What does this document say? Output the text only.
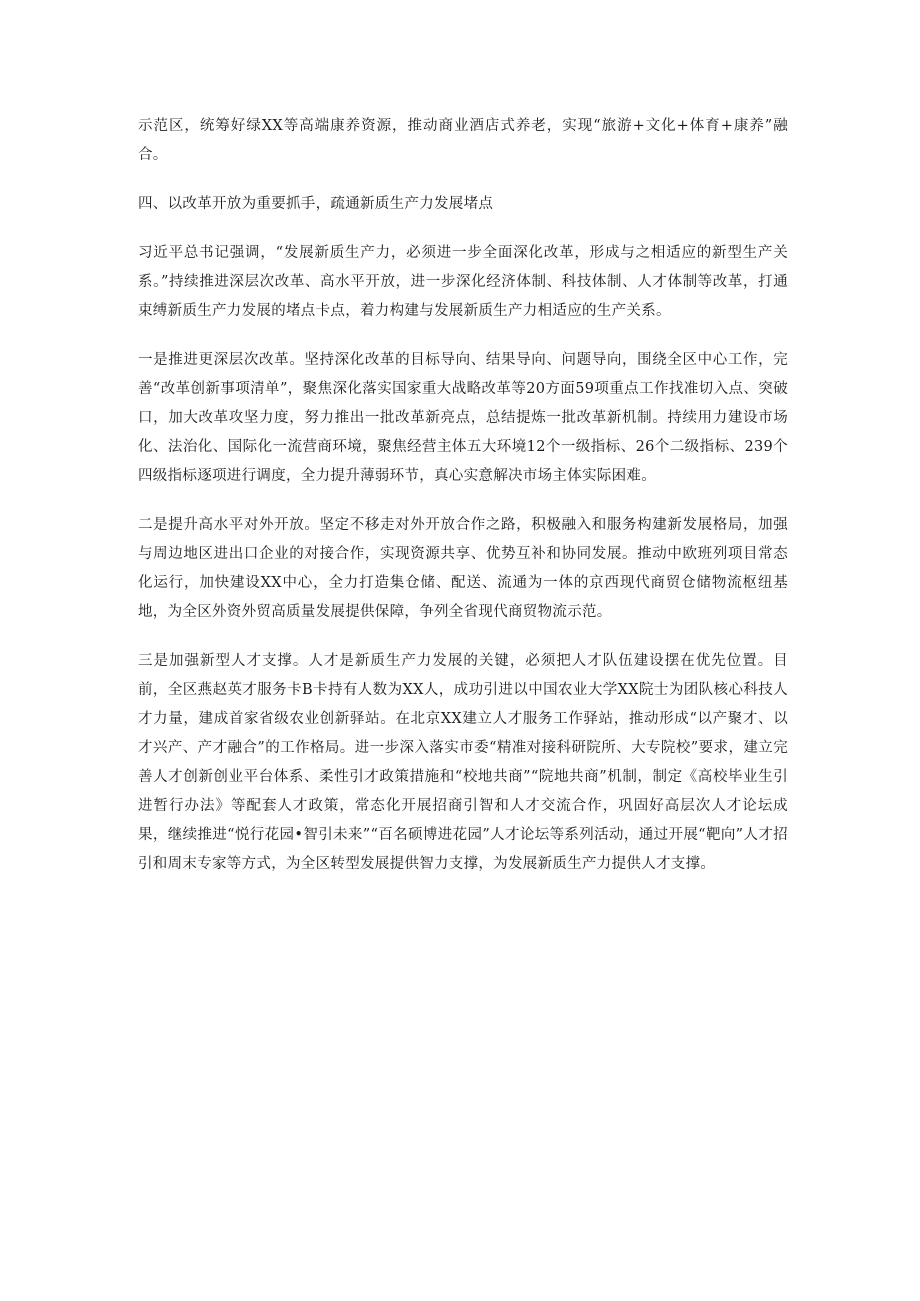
示范区，统筹好绿XX等高端康养资源，推动商业酒店式养老，实现“旅游+文化+体育+康养”融合。

四、以改革开放为重要抓手，疏通新质生产力发展堵点

习近平总书记强调，“发展新质生产力，必须进一步全面深化改革，形成与之相适应的新型生产关系。”持续推进深层次改革、高水平开放，进一步深化经济体制、科技体制、人才体制等改革，打通束缚新质生产力发展的堵点卡点，着力构建与发展新质生产力相适应的生产关系。

一是推进更深层次改革。坚持深化改革的目标导向、结果导向、问题导向，围绕全区中心工作，完善“改革创新事项清单”，聚焦深化落实国家重大战略改革等20方面59项重点工作找准切入点、突破口，加大改革攻坚力度，努力推出一批改革新亮点，总结提炼一批改革新机制。持续用力建设市场化、法治化、国际化一流营商环境，聚焦经营主体五大环境12个一级指标、26个二级指标、239个四级指标逐项进行调度，全力提升薄弱环节，真心实意解决市场主体实际困难。

二是提升高水平对外开放。坚定不移走对外开放合作之路，积极融入和服务构建新发展格局，加强与周边地区进出口企业的对接合作，实现资源共享、优势互补和协同发展。推动中欧班列项目常态化运行，加快建设XX中心，全力打造集仓储、配送、流通为一体的京西现代商贸仓储物流枢纽基地，为全区外资外贸高质量发展提供保障，争列全省现代商贸物流示范。

三是加强新型人才支撑。人才是新质生产力发展的关键，必须把人才队伍建设摆在优先位置。目前，全区燕赵英才服务卡B卡持有人数为XX人，成功引进以中国农业大学XX院士为团队核心科技人才力量，建成首家省级农业创新驿站。在北京XX建立人才服务工作驿站，推动形成“以产聚才、以才兴产、产才融合”的工作格局。进一步深入落实市委“精准对接科研院所、大专院校”要求，建立完善人才创新创业平台体系、柔性引才政策措施和“校地共商”“院地共商”机制，制定《高校毕业生引进暂行办法》等配套人才政策，常态化开展招商引智和人才交流合作，巩固好高层次人才论坛成果，继续推进“悦行花园•智引未来”“百名硕博进花园”人才论坛等系列活动，通过开展“靶向”人才招引和周末专家等方式，为全区转型发展提供智力支撑，为发展新质生产力提供人才支撑。
